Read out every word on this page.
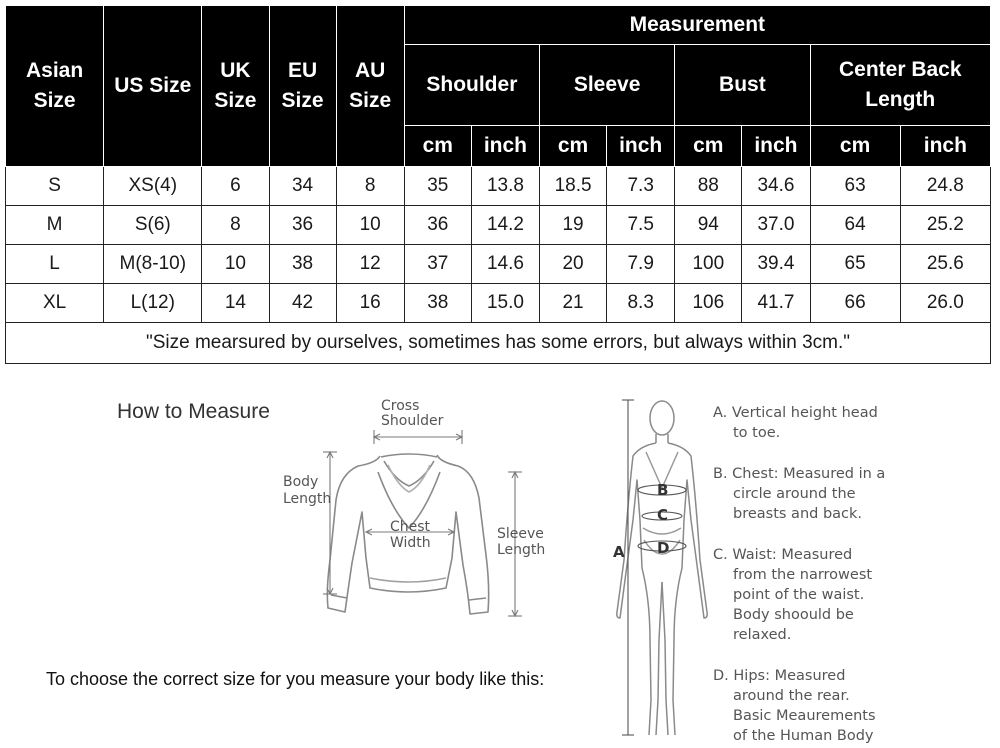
Asian Size	US Size	UK Size	EU Size	AU Size	Measurement							
					Shoulder		Sleeve		Bust		Center Back Length	
					cm	inch	cm	inch	cm	inch	cm	inch
S	XS(4)	6	34	8	35	13.8	18.5	7.3	88	34.6	63	24.8
M	S(6)	8	36	10	36	14.2	19	7.5	94	37.0	64	25.2
L	M(8-10)	10	38	12	37	14.6	20	7.9	100	39.4	65	25.6
XL	L(12)	14	42	16	38	15.0	21	8.3	106	41.7	66	26.0
"Size mearsured by ourselves, sometimes has some errors, but always within 3cm."												
How to Measure	Cross
Shoulder
Body
Length
Chest
Width
Sleeve
Length
To choose the correct size for you measure your body like this:
A
B
C
D
A. Vertical height head
to toe.
B. Chest: Measured in a
circle around the
breasts and back.
C. Waist: Measured
from the narrowest
point of the waist.
Body shoould be
relaxed.
D. Hips: Measured
around the rear.
Basic Meaurements
of the Human Body
